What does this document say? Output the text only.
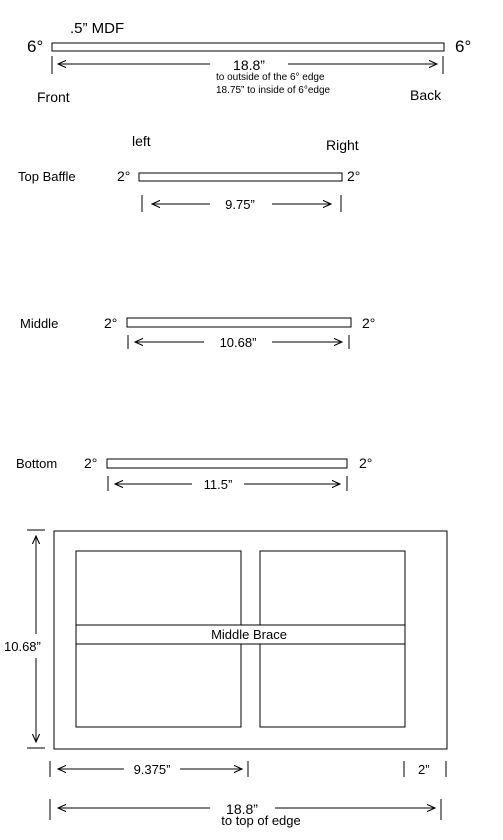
.5” MDF
6°	6°
18.8”
to outside of the 6° edge
18.75” to inside of 6°edge
Front	Back
left	Right
Top Baffle	2°	2°
9.75”
Middle	2°	2°
10.68”
Bottom 2°	2°
11.5”
Middle Brace
10.68”
9.375”	2”
18.8”
to top of edge
